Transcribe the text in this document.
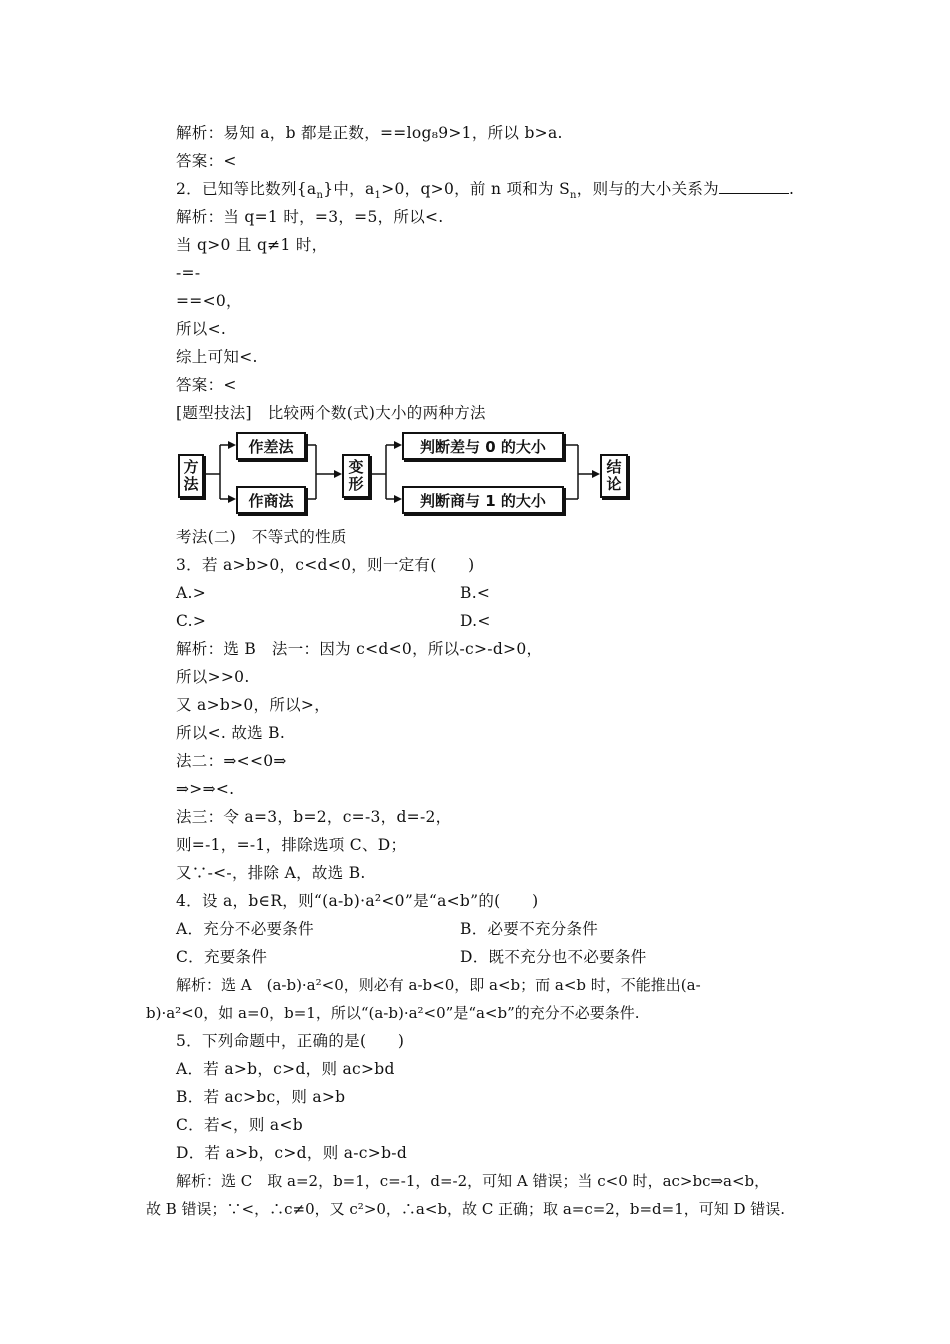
解析：易知 a，b 都是正数，==log₈9>1，所以 b>a.
答案：<
2．已知等比数列$\{a_n\}$中，$a_1>0$，q>0，前 n 项和为 $S_n$，则与的大小关系为	.
解析：当 q=1 时，=3，=5，所以<.
当 q>0 且 q≠1 时，
-=-
==<0，
所以<.
综上可知<.
答案：<
[题型技法]　比较两个数(式)大小的两种方法
方法
作差法
作商法
变形
判断差与 0 的大小
判断商与 1 的大小
结论
考法(二)　不等式的性质
3．若 a>b>0，c<d<0，则一定有(　　)
A.>	B.<
C.>	D.<
解析：选 B　法一：因为 c<d<0，所以-c>-d>0，
所以>>0.
又 a>b>0，所以>，
所以<. 故选 B.
法二：⇒<<0⇒
⇒>⇒<.
法三：令 a=3，b=2，c=-3，d=-2，
则=-1，=-1，排除选项 C、D；
又∵-<-，排除 A，故选 B.
4．设 a，b∈R，则“(a-b)·a²<0”是“a<b”的(　　)
A．充分不必要条件	B．必要不充分条件
C．充要条件	D．既不充分也不必要条件
解析：选 A　(a-b)·a²<0，则必有 a-b<0，即 a<b；而 a<b 时，不能推出(a-
b)·a²<0，如 a=0，b=1，所以“(a-b)·a²<0”是“a<b”的充分不必要条件.
5．下列命题中，正确的是(　　)
A．若 a>b，c>d，则 ac>bd
B．若 ac>bc，则 a>b
C．若<，则 a<b
D．若 a>b，c>d，则 a-c>b-d
解析：选 C　取 a=2，b=1，c=-1，d=-2，可知 A 错误；当 c<0 时，ac>bc⇒a<b，
故 B 错误；∵<，∴c≠0，又 c²>0，∴a<b，故 C 正确；取 a=c=2，b=d=1，可知 D 错误.
